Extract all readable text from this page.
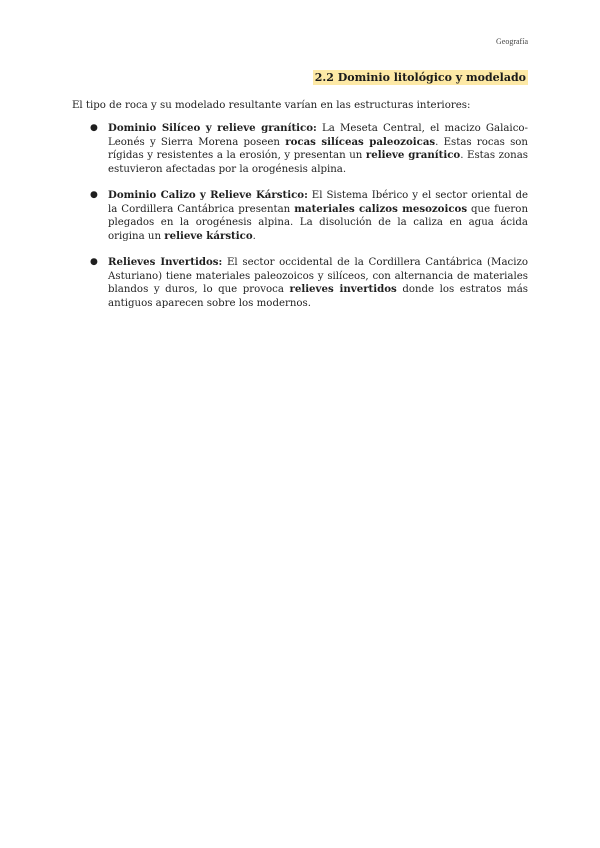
Geografía
2.2 Dominio litológico y modelado
El tipo de roca y su modelado resultante varían en las estructuras interiores:
● Dominio Silíceo y relieve granítico: La Meseta Central, el macizo Galaico-Leonés y Sierra Morena poseen rocas silíceas paleozoicas. Estas rocas son rígidas y resistentes a la erosión, y presentan un relieve granítico. Estas zonas estuvieron afectadas por la orogénesis alpina.
● Dominio Calizo y Relieve Kárstico: El Sistema Ibérico y el sector oriental de la Cordillera Cantábrica presentan materiales calizos mesozoicos que fueron plegados en la orogénesis alpina. La disolución de la caliza en agua ácida origina un relieve kárstico.
● Relieves Invertidos: El sector occidental de la Cordillera Cantábrica (Macizo Asturiano) tiene materiales paleozoicos y silíceos, con alternancia de materiales blandos y duros, lo que provoca relieves invertidos donde los estratos más antiguos aparecen sobre los modernos.
